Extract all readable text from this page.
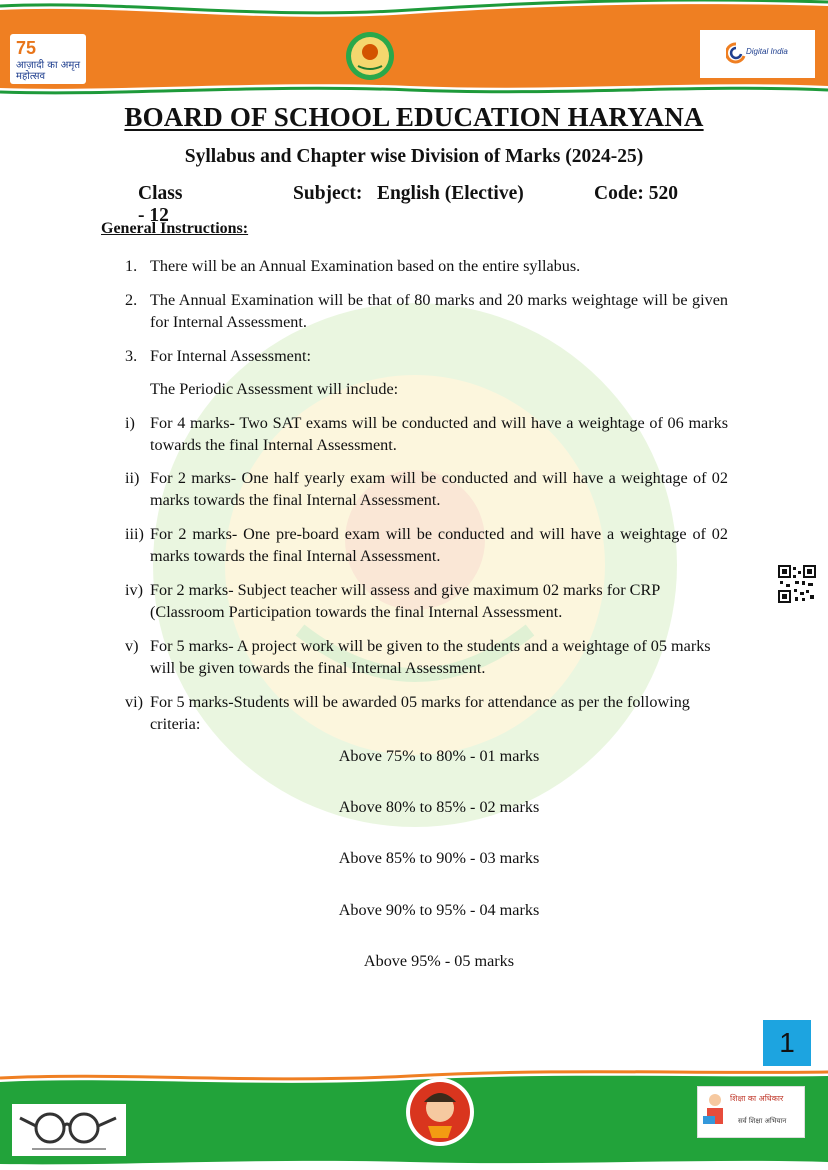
75
आज़ादी का अमृत महोत्सव
Digital India
BOARD OF SCHOOL EDUCATION HARYANA
Syllabus and Chapter wise Division of Marks (2024-25)
Class - 12
Subject:   English (Elective)	Code: 520
General Instructions:
1. There will be an Annual Examination based on the entire syllabus.
2. The Annual Examination will be that of 80 marks and 20 marks weightage will be given for Internal Assessment.
3. For Internal Assessment:
The Periodic Assessment will include:
i) For 4 marks- Two SAT exams will be conducted and will have a weightage of 06 marks towards the final Internal Assessment.
ii) For 2 marks- One half yearly exam will be conducted and will have a weightage of 02 marks towards the final Internal Assessment.
iii) For 2 marks- One pre-board exam will be conducted and will have a weightage of 02 marks towards the final Internal Assessment.
iv) For 2 marks- Subject teacher will assess and give maximum 02 marks for CRP (Classroom Participation towards the final Internal Assessment.
v) For 5 marks- A project work will be given to the students and a weightage of 05 marks will be given towards the final Internal Assessment.
vi) For 5 marks-Students will be awarded 05 marks for attendance as per the following criteria:
Above 75% to 80% - 01 marks
Above 80% to 85% - 02 marks
Above 85% to 90% - 03 marks
Above 90% to 95% - 04 marks
Above 95% - 05 marks
1
शिक्षा का अधिकार
सर्व शिक्षा अभियान
